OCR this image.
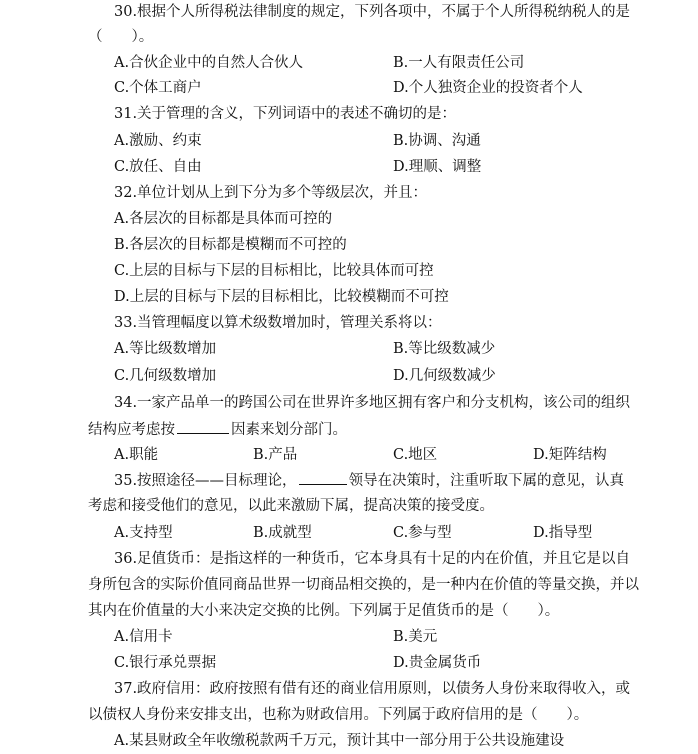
30.根据个人所得税法律制度的规定，下列各项中，不属于个人所得税纳税人的是
（　　）。
A.合伙企业中的自然人合伙人	B.一人有限责任公司
C.个体工商户	D.个人独资企业的投资者个人
31.关于管理的含义，下列词语中的表述不确切的是：
A.激励、约束	B.协调、沟通
C.放任、自由	D.理顺、调整
32.单位计划从上到下分为多个等级层次，并且：
A.各层次的目标都是具体而可控的
B.各层次的目标都是模糊而不可控的
C.上层的目标与下层的目标相比，比较具体而可控
D.上层的目标与下层的目标相比，比较模糊而不可控
33.当管理幅度以算术级数增加时，管理关系将以：
A.等比级数增加	B.等比级数减少
C.几何级数增加	D.几何级数减少
34.一家产品单一的跨国公司在世界许多地区拥有客户和分支机构，该公司的组织
结构应考虑按	因素来划分部门。
A.职能	B.产品	C.地区	D.矩阵结构
35.按照途径——目标理论，	领导在决策时，注重听取下属的意见，认真
考虑和接受他们的意见，以此来激励下属，提高决策的接受度。
A.支持型	B.成就型	C.参与型	D.指导型
36.足值货币：是指这样的一种货币，它本身具有十足的内在价值，并且它是以自
身所包含的实际价值同商品世界一切商品相交换的，是一种内在价值的等量交换，并以
其内在价值量的大小来决定交换的比例。下列属于足值货币的是（　　）。
A.信用卡	B.美元
C.银行承兑票据	D.贵金属货币
37.政府信用：政府按照有借有还的商业信用原则，以债务人身份来取得收入，或
以债权人身份来安排支出，也称为财政信用。下列属于政府信用的是（　　）。
A.某县财政全年收缴税款两千万元，预计其中一部分用于公共设施建设
